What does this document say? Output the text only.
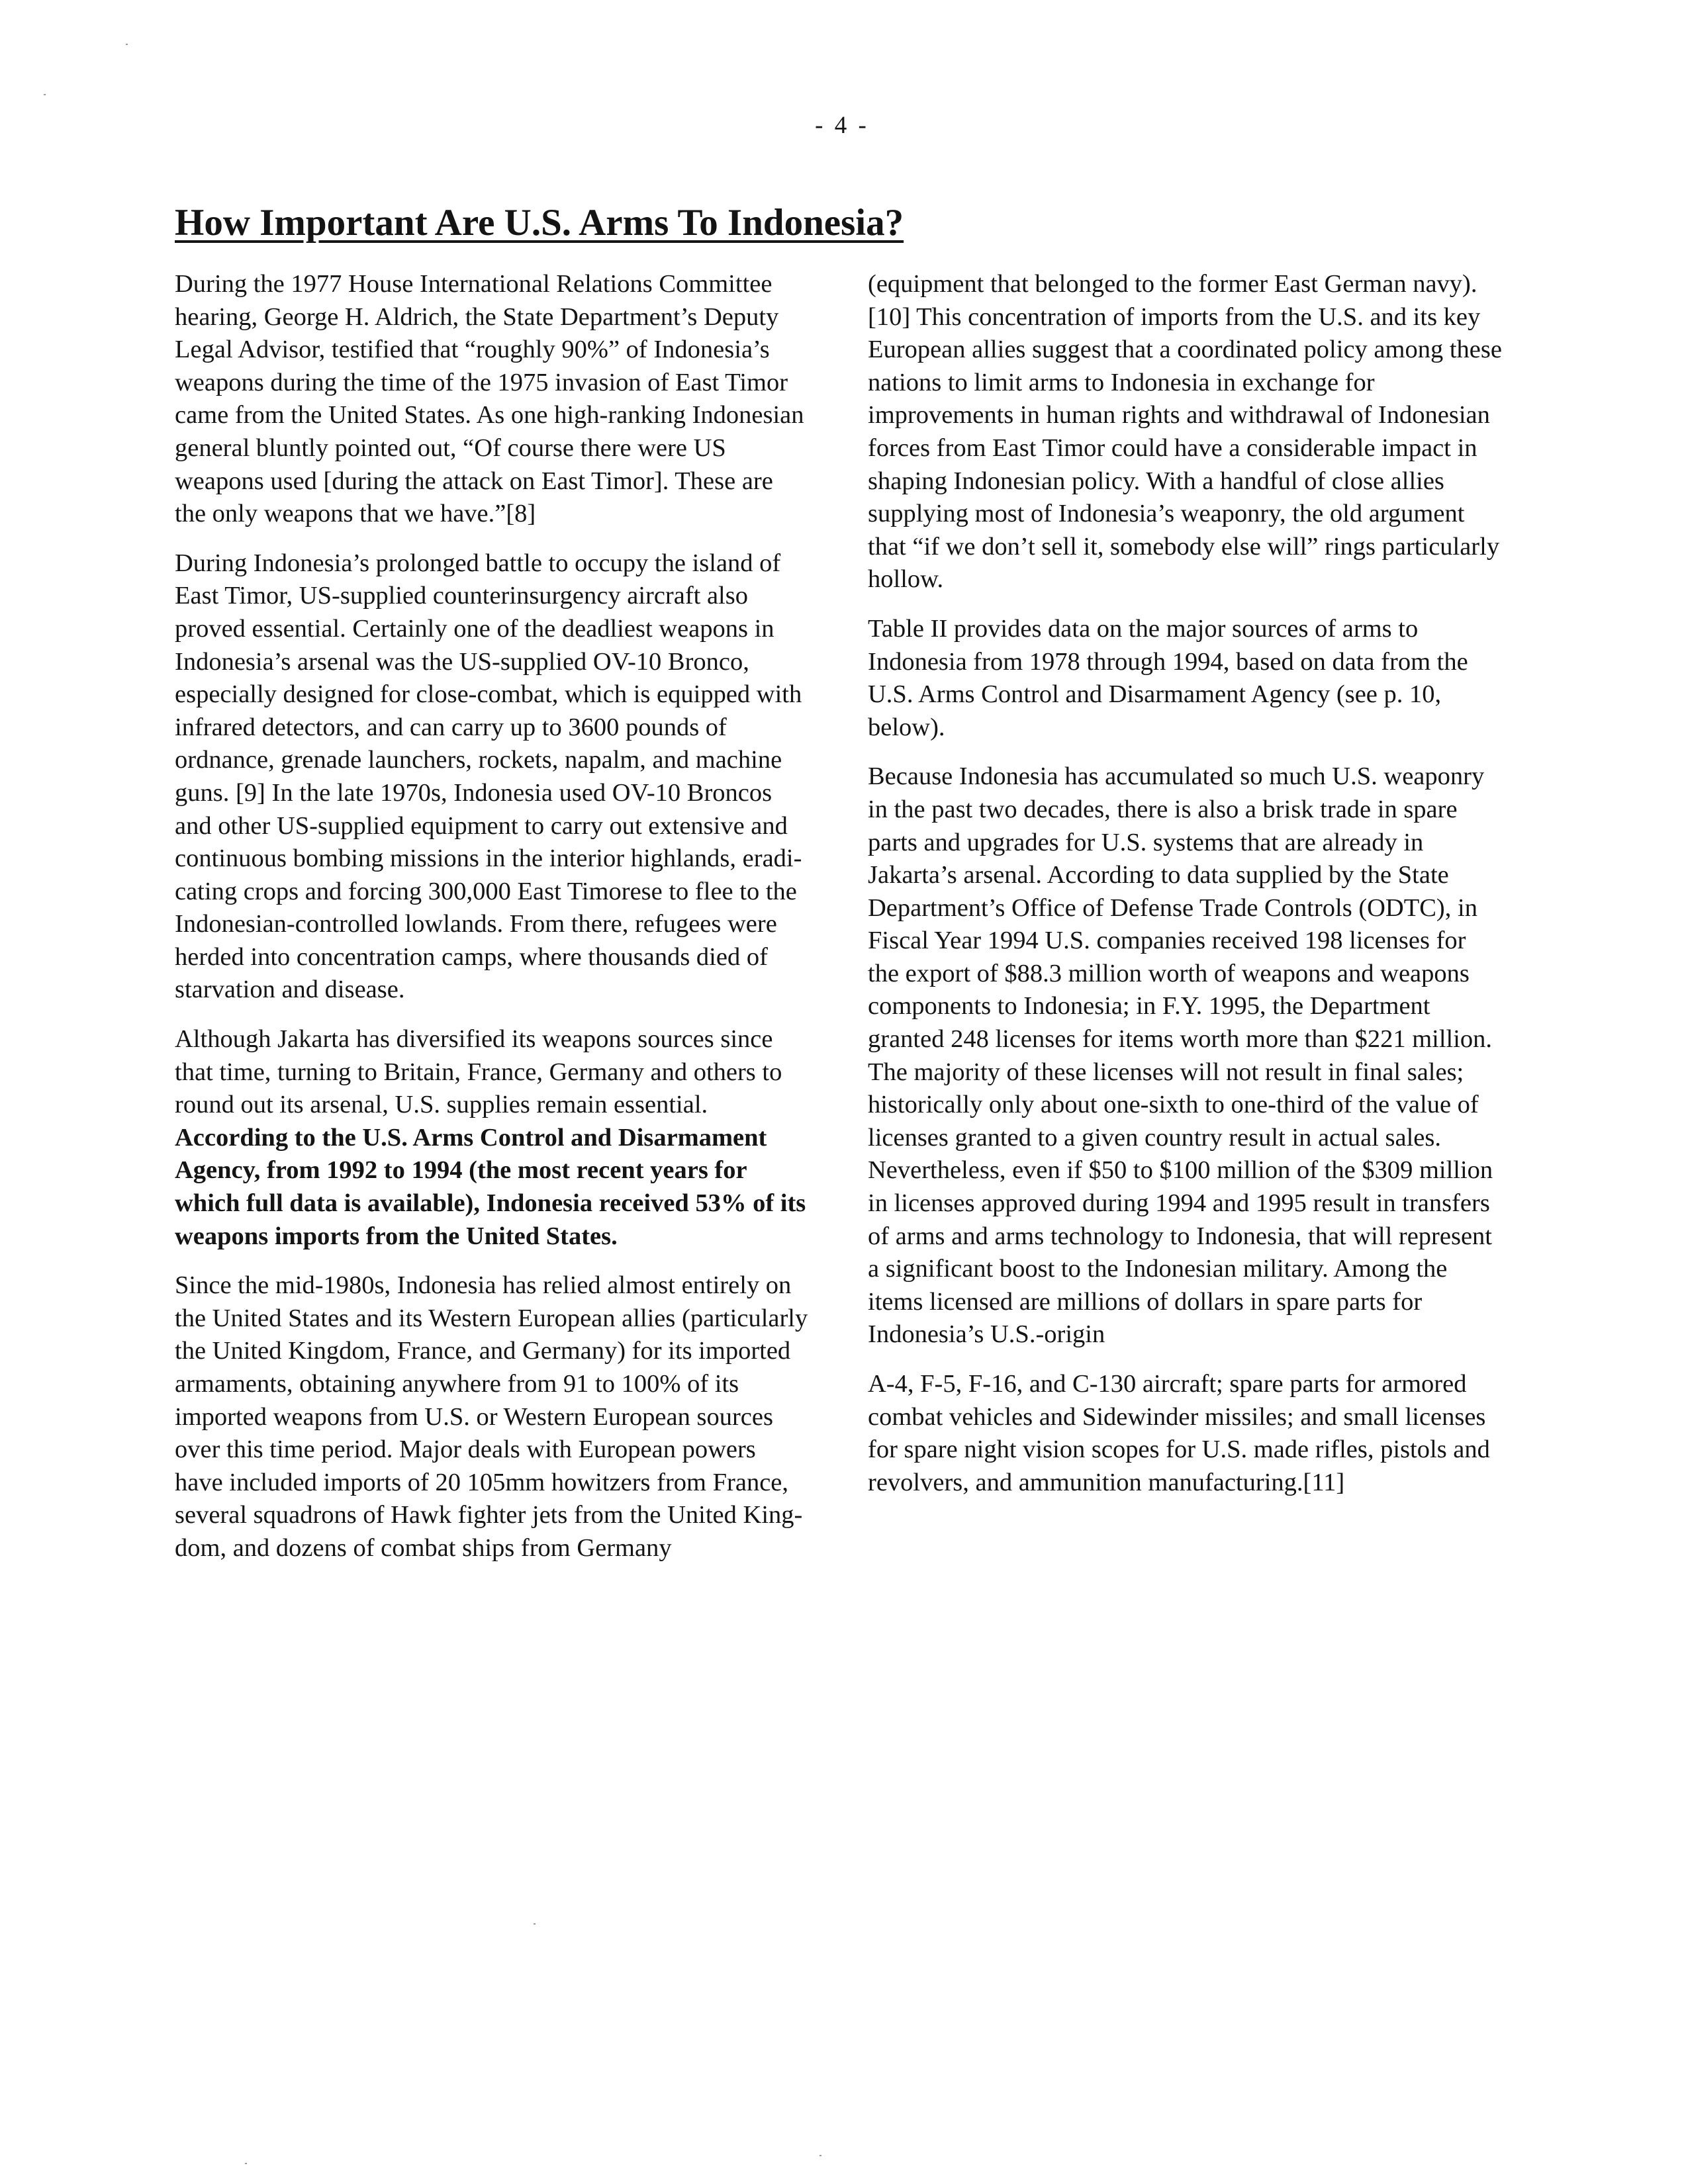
- 4 -
How Important Are U.S. Arms To Indonesia?

During the 1977 House International Relations Committee hearing, George H. Aldrich, the State Department’s Deputy Legal Advisor, testified that “roughly 90%” of Indonesia’s weapons during the time of the 1975 invasion of East Timor came from the United States. As one high-ranking Indonesian general bluntly pointed out, “Of course there were US weapons used [during the attack on East Timor]. These are the only weapons that we have.”[8]

During Indonesia’s prolonged battle to occupy the island of East Timor, US-supplied counterinsurgency aircraft also proved essential. Certainly one of the deadliest weapons in Indonesia’s arsenal was the US-supplied OV-10 Bronco, especially designed for close-combat, which is equipped with infrared detectors, and can carry up to 3600 pounds of ordnance, grenade launchers, rockets, napalm, and machine guns. [9] In the late 1970s, Indonesia used OV-10 Broncos and other US-supplied equipment to carry out extensive and continuous bombing missions in the interior highlands, eradicating crops and forcing 300,000 East Timorese to flee to the Indonesian-controlled lowlands. From there, refugees were herded into concentration camps, where thousands died of starvation and disease.

Although Jakarta has diversified its weapons sources since that time, turning to Britain, France, Germany and others to round out its arsenal, U.S. supplies remain essential. According to the U.S. Arms Control and Disarmament Agency, from 1992 to 1994 (the most recent years for which full data is available), Indonesia received 53% of its weapons imports from the United States.

Since the mid-1980s, Indonesia has relied almost entirely on the United States and its Western European allies (particularly the United Kingdom, France, and Germany) for its imported armaments, obtaining anywhere from 91 to 100% of its imported weapons from U.S. or Western European sources over this time period. Major deals with European powers have included imports of 20 105mm howitzers from France, several squadrons of Hawk fighter jets from the United Kingdom, and dozens of combat ships from Germany

(equipment that belonged to the former East German navy).[10] This concentration of imports from the U.S. and its key European allies suggest that a coordinated policy among these nations to limit arms to Indonesia in exchange for improvements in human rights and withdrawal of Indonesian forces from East Timor could have a considerable impact in shaping Indonesian policy. With a handful of close allies supplying most of Indonesia’s weaponry, the old argument that “if we don’t sell it, somebody else will” rings particularly hollow.

Table II provides data on the major sources of arms to Indonesia from 1978 through 1994, based on data from the U.S. Arms Control and Disarmament Agency (see p. 10, below).

Because Indonesia has accumulated so much U.S. weaponry in the past two decades, there is also a brisk trade in spare parts and upgrades for U.S. systems that are already in Jakarta’s arsenal. According to data supplied by the State Department’s Office of Defense Trade Controls (ODTC), in Fiscal Year 1994 U.S. companies received 198 licenses for the export of $88.3 million worth of weapons and weapons components to Indonesia; in F.Y. 1995, the Department granted 248 licenses for items worth more than $221 million. The majority of these licenses will not result in final sales; historically only about one-sixth to one-third of the value of licenses granted to a given country result in actual sales. Nevertheless, even if $50 to $100 million of the $309 million in licenses approved during 1994 and 1995 result in transfers of arms and arms technology to Indonesia, that will represent a significant boost to the Indonesian military. Among the items licensed are millions of dollars in spare parts for Indonesia’s U.S.-origin

A-4, F-5, F-16, and C-130 aircraft; spare parts for armored combat vehicles and Sidewinder missiles; and small licenses for spare night vision scopes for U.S. made rifles, pistols and revolvers, and ammunition manufacturing.[11]
